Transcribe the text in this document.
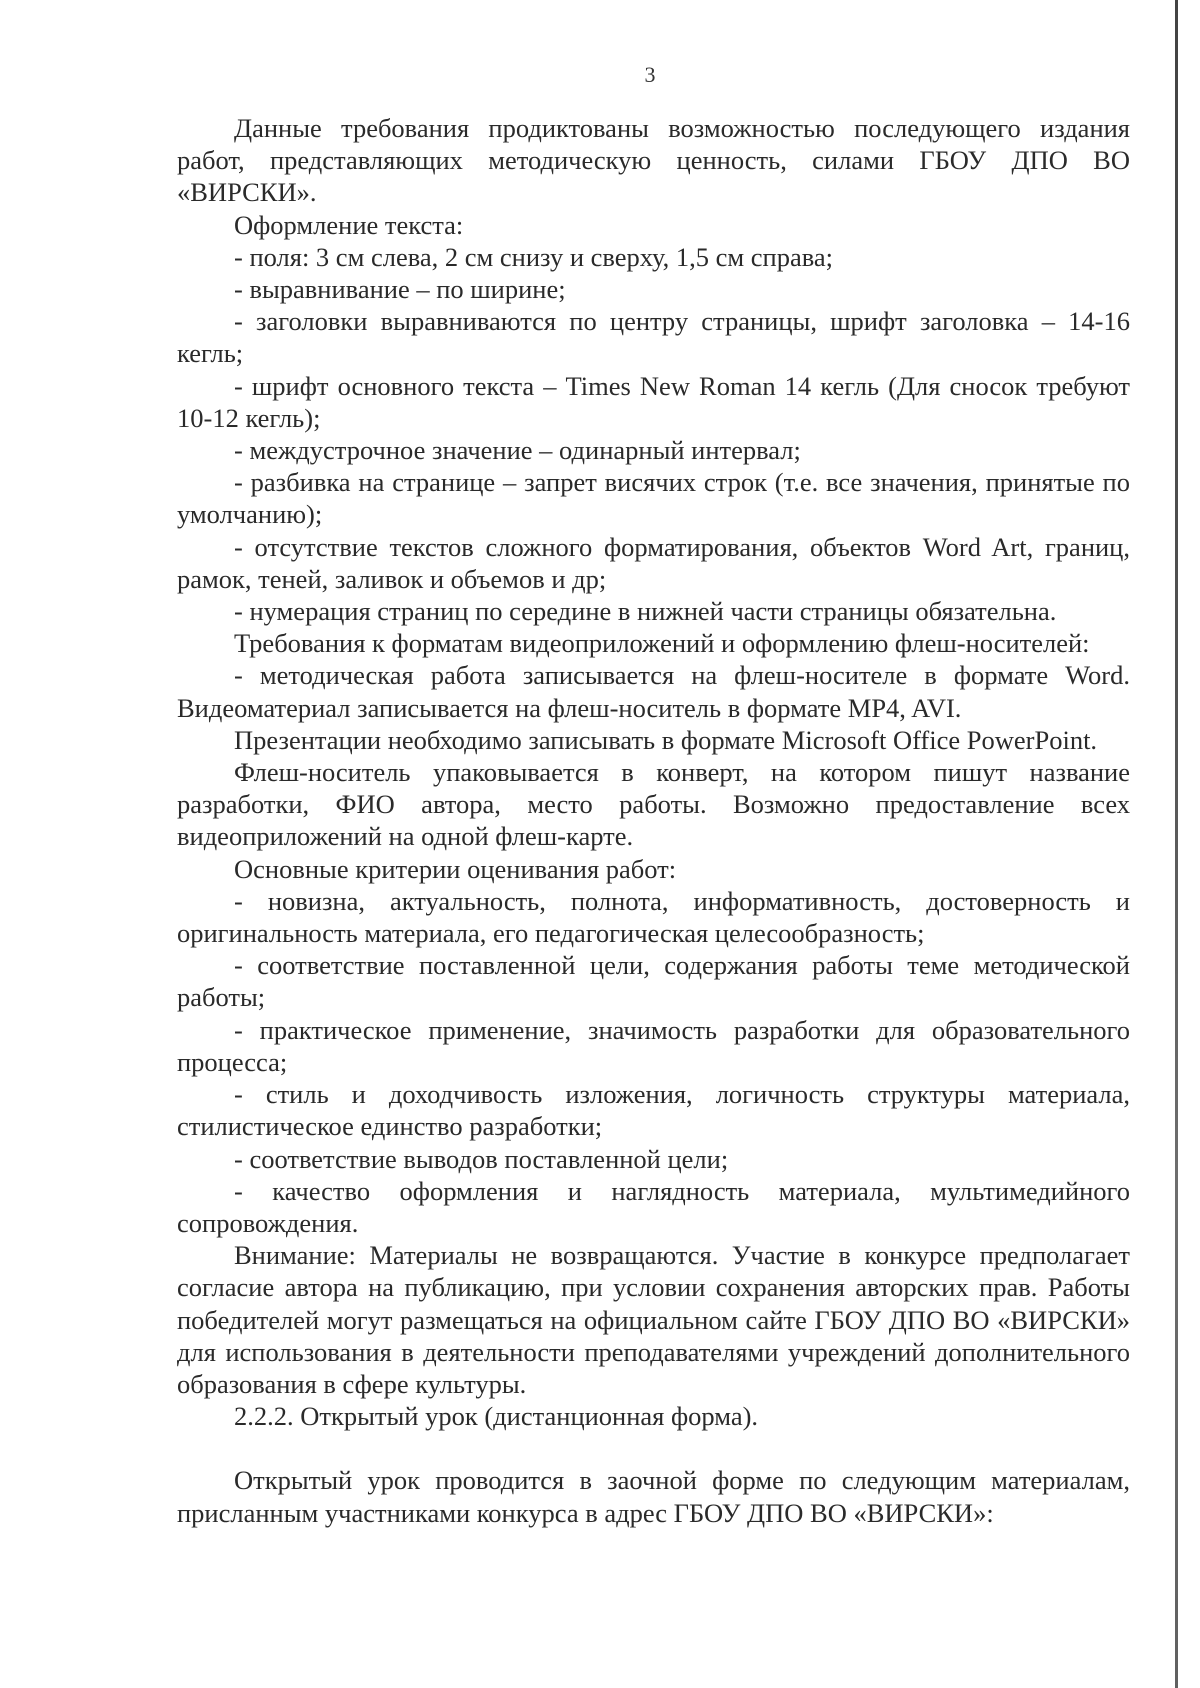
3

Данные требования продиктованы возможностью последующего издания работ, представляющих методическую ценность, силами ГБОУ ДПО ВО «ВИРСКИ».

Оформление текста:

- поля: 3 см слева, 2 см снизу и сверху, 1,5 см справа;

- выравнивание – по ширине;

- заголовки выравниваются по центру страницы, шрифт заголовка – 14-16 кегль;

- шрифт основного текста – Times New Roman 14 кегль (Для сносок требуют 10-12 кегль);

- междустрочное значение – одинарный интервал;

- разбивка на странице – запрет висячих строк (т.е. все значения, принятые по умолчанию);

- отсутствие текстов сложного форматирования, объектов Word Art, границ, рамок, теней, заливок и объемов и др;

- нумерация страниц по середине в нижней части страницы обязательна.

Требования к форматам видеоприложений и оформлению флеш-носителей:

- методическая работа записывается на флеш-носителе в формате Word. Видеоматериал записывается на флеш-носитель в формате MP4, AVI.

Презентации необходимо записывать в формате Microsoft Office PowerPoint.

Флеш-носитель упаковывается в конверт, на котором пишут название разработки, ФИО автора, место работы. Возможно предоставление всех видеоприложений на одной флеш-карте.

Основные критерии оценивания работ:

- новизна, актуальность, полнота, информативность, достоверность и оригинальность материала, его педагогическая целесообразность;

- соответствие поставленной цели, содержания работы теме методической работы;

- практическое применение, значимость разработки для образовательного процесса;

- стиль и доходчивость изложения, логичность структуры материала, стилистическое единство разработки;

- соответствие выводов поставленной цели;

- качество оформления и наглядность материала, мультимедийного сопровождения.

Внимание: Материалы не возвращаются. Участие в конкурсе предполагает согласие автора на публикацию, при условии сохранения авторских прав. Работы победителей могут размещаться на официальном сайте ГБОУ ДПО ВО «ВИРСКИ» для использования в деятельности преподавателями учреждений дополнительного образования в сфере культуры.

2.2.2. Открытый урок (дистанционная форма).

Открытый урок проводится в заочной форме по следующим материалам, присланным участниками конкурса в адрес ГБОУ ДПО ВО «ВИРСКИ»:
